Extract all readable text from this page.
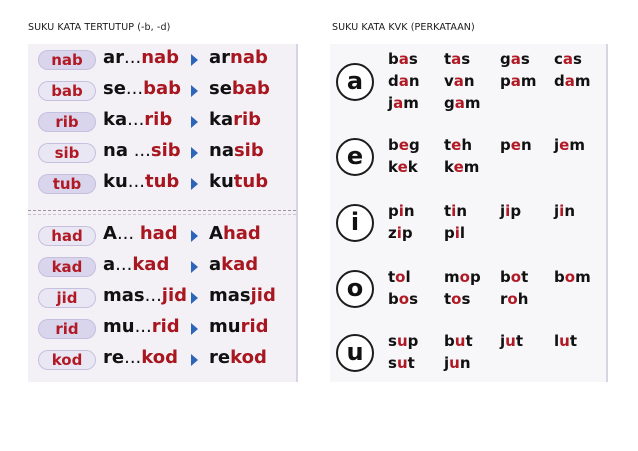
SUKU KATA TERTUTUP (-b, -d)	SUKU KATA KVK (PERKATAAN)
nab	ar...nab arnab
bab	se...bab sebab
rib	ka...rib karib
sib	na ...sib nasib
tub	ku...tub kutub
had	A... had Ahad
kad	a...kad akad
jid	mas...jid masjid
rid	mu...rid murid
kod	re...kod rekod
a
bas tas gas cas
dan van pam dam
jam gam
e	beg teh pen jem
kek kem
i	pin tin jip jin
zip pil
o	tol mop bot bom
bos tos roh
u	sup but jut lut
sut jun
